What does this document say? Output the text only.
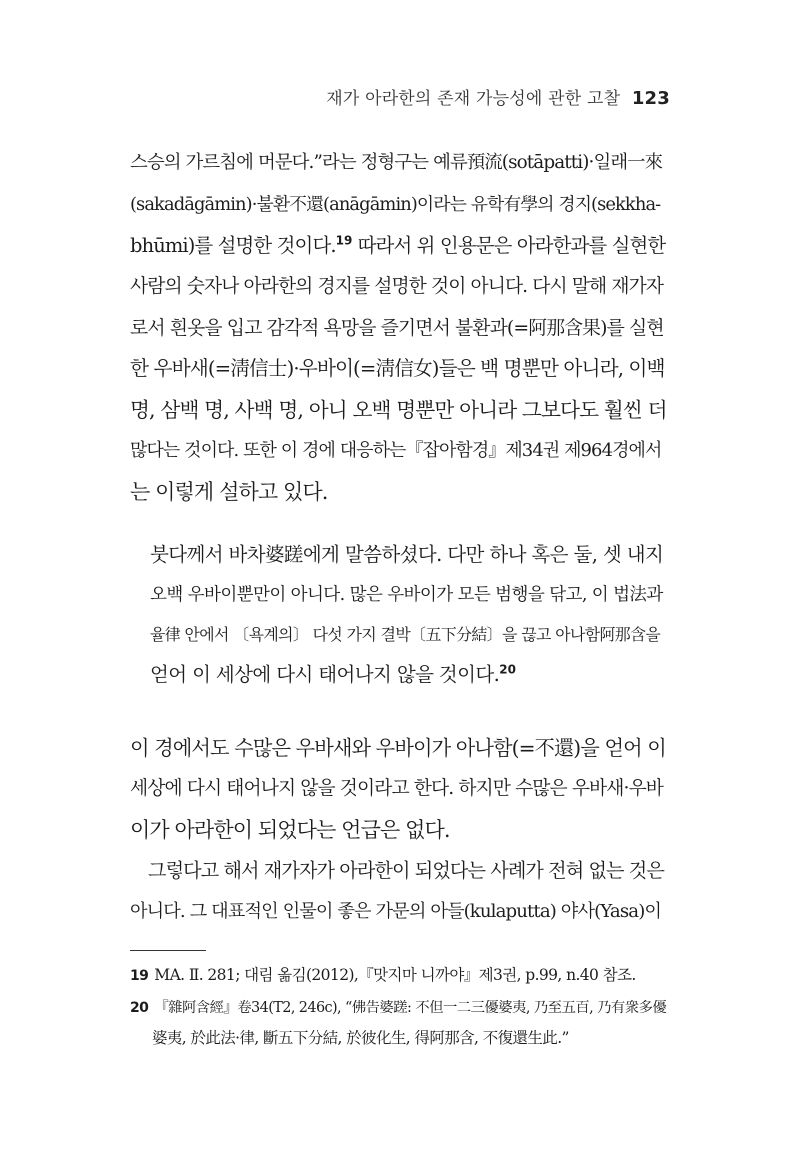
재가 아라한의 존재 가능성에 관한 고찰 123
스승의 가르침에 머문다.”라는 정형구는 예류預流(sotāpatti)·일래一來
(sakadāgāmin)·불환不還(anāgāmin)이라는 유학有學의 경지(sekkha-
bhūmi)를 설명한 것이다.$^{19}$ 따라서 위 인용문은 아라한과를 실현한
사람의 숫자나 아라한의 경지를 설명한 것이 아니다. 다시 말해 재가자
로서 흰옷을 입고 감각적 욕망을 즐기면서 불환과(=阿那含果)를 실현
한 우바새(=淸信士)·우바이(=淸信女)들은 백 명뿐만 아니라, 이백
명, 삼백 명, 사백 명, 아니 오백 명뿐만 아니라 그보다도 훨씬 더
많다는 것이다. 또한 이 경에 대응하는『잡아함경』제34권 제964경에서
는 이렇게 설하고 있다.
붓다께서 바차婆蹉에게 말씀하셨다. 다만 하나 혹은 둘, 셋 내지
오백 우바이뿐만이 아니다. 많은 우바이가 모든 범행을 닦고, 이 법法과
율律 안에서 〔욕계의〕 다섯 가지 결박〔五下分結〕을 끊고 아나함阿那含을
얻어 이 세상에 다시 태어나지 않을 것이다.$^{20}$
이 경에서도 수많은 우바새와 우바이가 아나함(=不還)을 얻어 이
세상에 다시 태어나지 않을 것이라고 한다. 하지만 수많은 우바새·우바
이가 아라한이 되었다는 언급은 없다.
그렇다고 해서 재가자가 아라한이 되었다는 사례가 전혀 없는 것은
아니다. 그 대표적인 인물이 좋은 가문의 아들(kulaputta) 야사(Yasa)이
19 MA. Ⅱ. 281; 대림 옮김(2012),『맛지마 니까야』제3권, p.99, n.40 참조.
20 『雜阿含經』卷34(T2, 246c), “佛告婆蹉: 不但一二三優婆夷, 乃至五百, 乃有衆多優
婆夷, 於此法·律, 斷五下分結, 於彼化生, 得阿那含, 不復還生此.”
